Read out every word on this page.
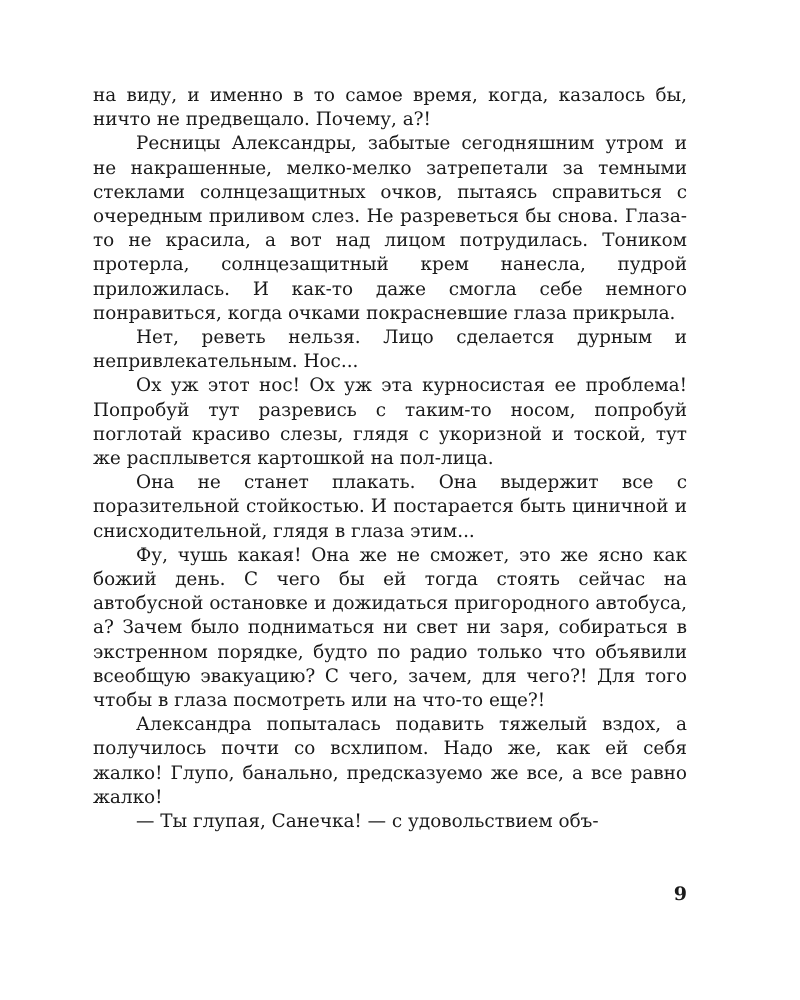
на виду, и именно в то самое время, когда, казалось бы, ничто не предвещало. Почему, а?!

Ресницы Александры, забытые сегодняшним утром и не накрашенные, мелко-мелко затрепетали за темными стеклами солнцезащитных очков, пытаясь справиться с очередным приливом слез. Не разреветься бы снова. Глаза-то не красила, а вот над лицом потрудилась. Тоником протерла, солнцезащитный крем нанесла, пудрой приложилась. И как-то даже смогла себе немного понравиться, когда очками покрасневшие глаза прикрыла.

Нет, реветь нельзя. Лицо сделается дурным и непривлекательным. Нос...

Ох уж этот нос! Ох уж эта курносистая ее проблема! Попробуй тут разревись с таким-то носом, попробуй поглотай красиво слезы, глядя с укоризной и тоской, тут же расплывется картошкой на пол-лица.

Она не станет плакать. Она выдержит все с поразительной стойкостью. И постарается быть циничной и снисходительной, глядя в глаза этим...

Фу, чушь какая! Она же не сможет, это же ясно как божий день. С чего бы ей тогда стоять сейчас на автобусной остановке и дожидаться пригородного автобуса, а? Зачем было подниматься ни свет ни заря, собираться в экстренном порядке, будто по радио только что объявили всеобщую эвакуацию? С чего, зачем, для чего?! Для того чтобы в глаза посмотреть или на что-то еще?!

Александра попыталась подавить тяжелый вздох, а получилось почти со всхлипом. Надо же, как ей себя жалко! Глупо, банально, предсказуемо же все, а все равно жалко!

— Ты глупая, Санечка! — с удовольствием объ-

9
